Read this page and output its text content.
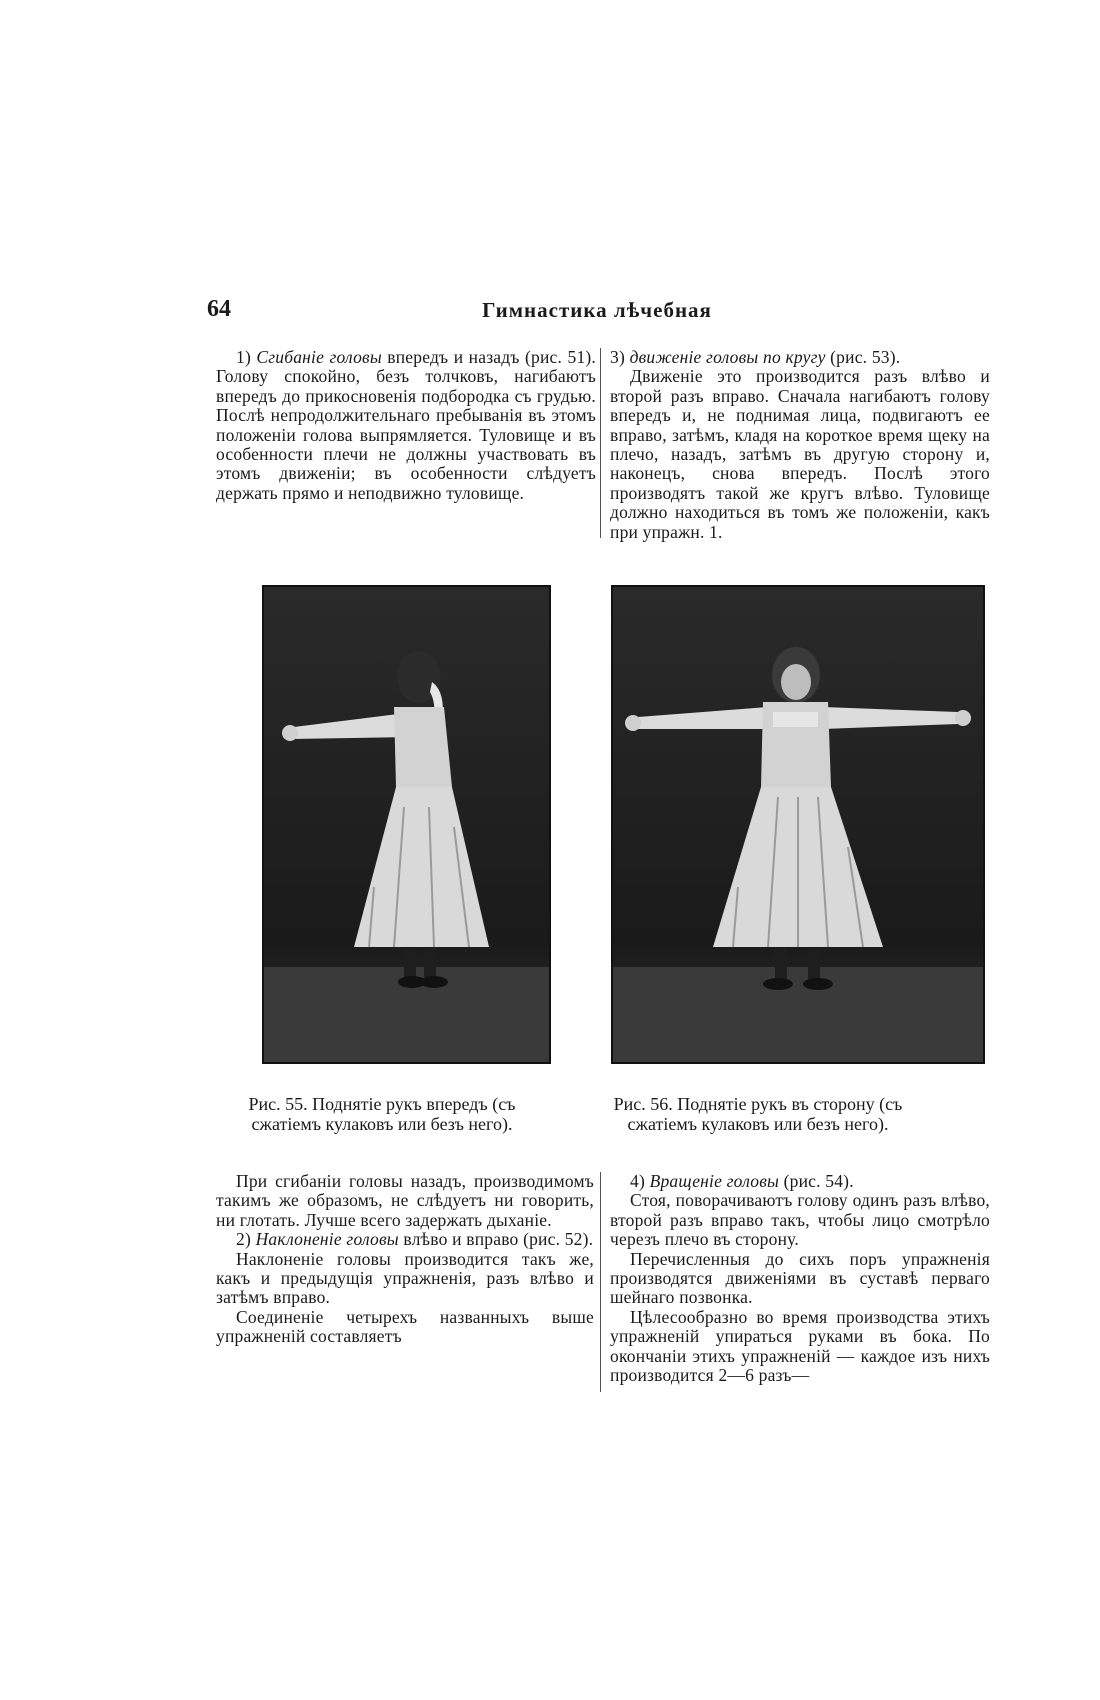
64	Гимнастика лѣчебная

1) Сгибаніе головы впередъ и назадъ (рис. 51). Голову спокойно, безъ толчковъ, нагибаютъ впередъ до прикосновенія подбородка съ грудью. Послѣ непродолжительнаго пребыванія въ этомъ положеніи голова выпрямляется. Туловище и въ особенности плечи не должны участвовать въ этомъ движеніи; въ особенности слѣдуетъ держать прямо и неподвижно туловище.

3) движеніе головы по кругу (рис. 53).

Движеніе это производится разъ влѣво и второй разъ вправо. Сначала нагибаютъ голову впередъ и, не поднимая лица, подвигаютъ ее вправо, затѣмъ, кладя на короткое время щеку на плечо, назадъ, затѣмъ въ другую сторону и, наконецъ, снова впередъ. Послѣ этого производятъ такой же кругъ влѣво. Туловище должно находиться въ томъ же положеніи, какъ при упражн. 1.

Рис. 55. Поднятіе рукъ впередъ (съ сжатіемъ кулаковъ или безъ него).
Рис. 56. Поднятіе рукъ въ сторону (съ сжатіемъ кулаковъ или безъ него).

При сгибаніи головы назадъ, производимомъ такимъ же образомъ, не слѣдуетъ ни говорить, ни глотать. Лучше всего задержать дыханіе.

2) Наклоненіе головы влѣво и вправо (рис. 52).

Наклоненіе головы производится такъ же, какъ и предыдущія упражненія, разъ влѣво и затѣмъ вправо.

Соединеніе четырехъ названныхъ выше упражненій составляетъ

4) Вращеніе головы (рис. 54).

Стоя, поворачиваютъ голову одинъ разъ влѣво, второй разъ вправо такъ, чтобы лицо смотрѣло черезъ плечо въ сторону.

Перечисленныя до сихъ поръ упражненія производятся движеніями въ суставѣ перваго шейнаго позвонка.

Цѣлесообразно во время производства этихъ упражненій упираться руками въ бока. По окончаніи этихъ упражненій — каждое изъ нихъ производится 2—6 разъ—
